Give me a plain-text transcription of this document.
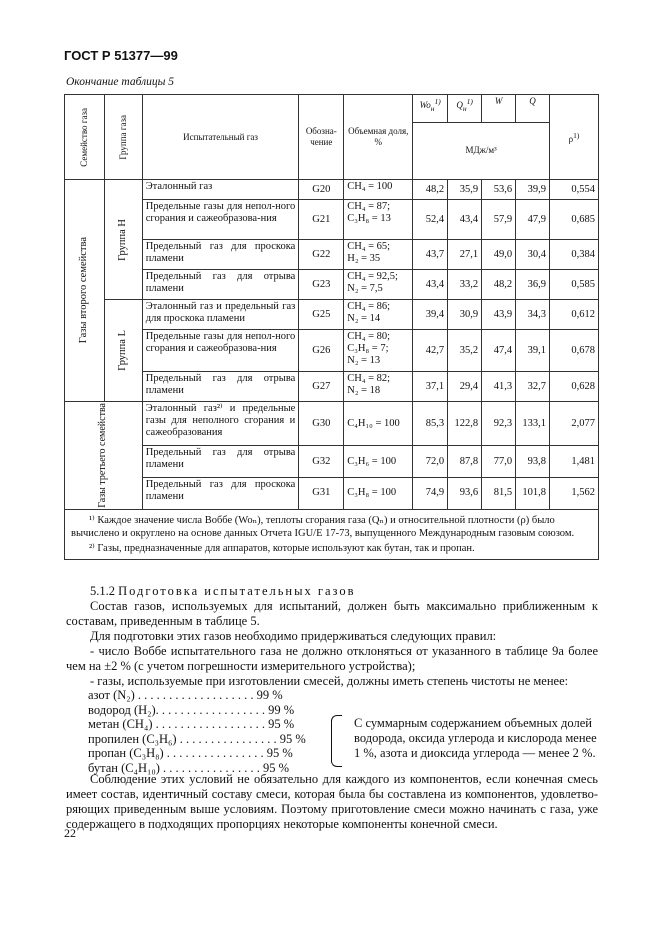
ГОСТ Р 51377—99
Окончание таблицы 5
Семейство газа	Группа газа	Испытательный газ	Обозна-чение	Объемная доля, %	$Wo_н^{1)}$	$Q_н^{1)}$	W	Q	$\rho^{1)}$
					МДж/м³				

Газы второго семейства	Группа H	Эталонный газ	G20	CH₄ = 100	48,2	35,9	53,6	39,9	0,554
		Предельные газы для непол-ного сгорания и сажеобразова-ния	G21	CH₄ = 87;
C₃H₈ = 13	52,4	43,4	57,9	47,9	0,685
		Предельный газ для проскока пламени	G22	CH₄ = 65;
H₂ = 35	43,7	27,1	49,0	30,4	0,384
		Предельный газ для отрыва пламени	G23	CH₄ = 92,5;
N₂ = 7,5	43,4	33,2	48,2	36,9	0,585

	Группа L	Эталонный газ и предельный газ для проскока пламени	G25	CH₄ = 86;
N₂ = 14	39,4	30,9	43,9	34,3	0,612
		Предельные газы для непол-ного сгорания и сажеобразова-ния	G26	CH₄ = 80;
C₃H₈ = 7;
N₂ = 13	42,7	35,2	47,4	39,1	0,678
		Предельный газ для отрыва пламени	G27	CH₄ = 82;
N₂ = 18	37,1	29,4	41,3	32,7	0,628

Газы третьего семейства		Эталонный газ²⁾ и предельные газы для неполного сгорания и сажеобразования	G30	C₄H₁₀ = 100	85,3	122,8	92,3	133,1	2,077
		Предельный газ для отрыва пламени	G32	C₃H₆ = 100	72,0	87,8	77,0	93,8	1,481
		Предельный газ для проскока пламени	G31	C₃H₈ = 100	74,9	93,6	81,5	101,8	1,562

¹⁾ Каждое значение числа Воббе (Woₙ), теплоты сгорания газа (Qₙ) и относительной плотности (ρ) было вычислено и округлено на основе данных Отчета IGU/E 17-73, выпущенного Международным газовым союзом.

²⁾ Газы, предназначенные для аппаратов, которые используют как бутан, так и пропан.									

5.1.2 Подготовка испытательных газов

Состав газов, используемых для испытаний, должен быть максимально приближенным к составам, приведенным в таблице 5.

Для подготовки этих газов необходимо придерживаться следующих правил:

- число Воббе испытательного газа не должно отклоняться от указанного в таблице 9а более чем на ±2 % (с учетом погрешности измерительного устройства);

- газы, используемые при изготовлении смесей, должны иметь степень чистоты не менее:

азот (N₂) . . . . . . . . . . . . . . . . . . . 99 %
водород (H₂). . . . . . . . . . . . . . . . . . 99 %
метан (CH₄) . . . . . . . . . . . . . . . . . . 95 %
пропилен (C₃H₆) . . . . . . . . . . . . . . . . 95 %
пропан (C₃H₈) . . . . . . . . . . . . . . . . 95 %
бутан (C₄H₁₀) . . . . . . . . . . . . . . . . 95 %
С суммарным содержанием объемных долей водорода, оксида углерода и кислорода менее 1 %, азота и диоксида углерода — менее 2 %.

Соблюдение этих условий не обязательно для каждого из компонентов, если конечная смесь имеет состав, идентичный составу смеси, которая была бы составлена из компонентов, удовлетво-ряющих приведенным выше условиям. Поэтому приготовление смеси можно начинать с газа, уже содержащего в подходящих пропорциях некоторые компоненты конечной смеси.

22
